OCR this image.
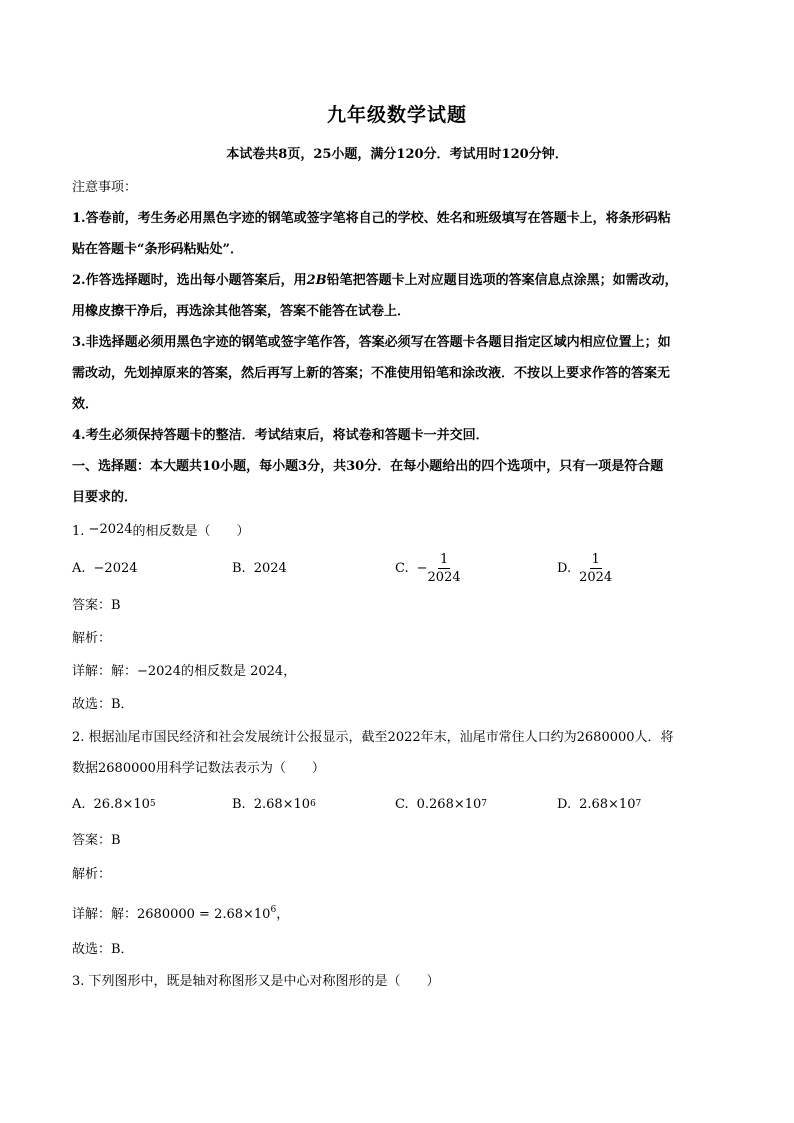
九年级数学试题
本试卷共8页，25小题，满分120分．考试用时120分钟．
注意事项：
1.答卷前，考生务必用黑色字迹的钢笔或签字笔将自己的学校、姓名和班级填写在答题卡上，将条形码粘
贴在答题卡“条形码粘贴处”．
2.作答选择题时，选出每小题答案后，用2B铅笔把答题卡上对应题目选项的答案信息点涂黑；如需改动，
用橡皮擦干净后，再选涂其他答案，答案不能答在试卷上．
3.非选择题必须用黑色字迹的钢笔或签字笔作答，答案必须写在答题卡各题目指定区域内相应位置上；如
需改动，先划掉原来的答案，然后再写上新的答案；不准使用铅笔和涂改液．不按以上要求作答的答案无
效．
4.考生必须保持答题卡的整洁．考试结束后，将试卷和答题卡一并交回．
一、选择题：本大题共10小题，每小题3分，共30分．在每小题给出的四个选项中，只有一项是符合题
目要求的．
1. −2024的相反数是（　　）
A. −2024	B. 2024	C. − $\frac{1}{2024}$	D. $\frac{1}{2024}$
答案：B
解析：
详解：解：−2024的相反数是 2024，
故选：B．
2. 根据汕尾市国民经济和社会发展统计公报显示，截至2022年末，汕尾市常住人口约为2680000人．将
数据2680000用科学记数法表示为（　　）
A. 26.8×10 5	B. 2.68×10 6	C. 0.268×10 7	D. 2.68×10 7
答案：B
解析：
详解：解：$2680000 = 2.68\times 10^6$，
故选：B．
3. 下列图形中，既是轴对称图形又是中心对称图形的是（　　）
